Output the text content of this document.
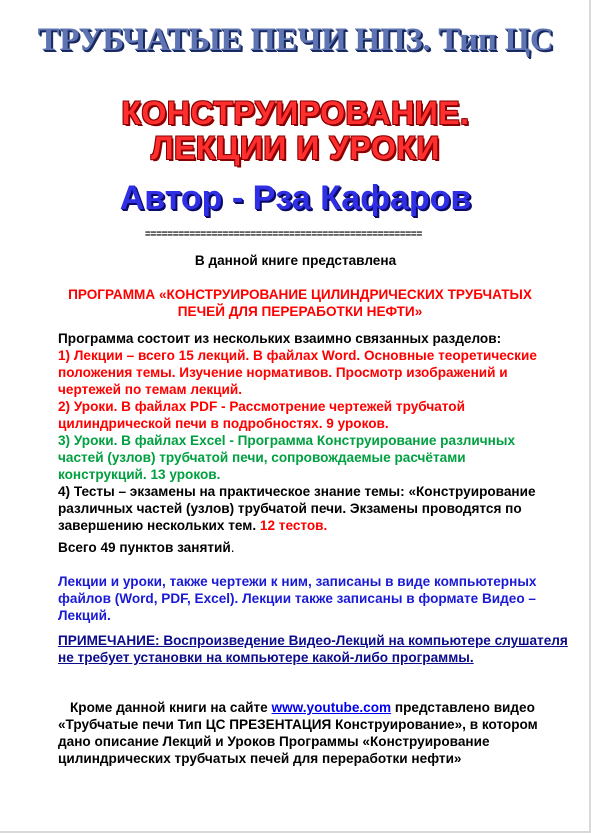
ТРУБЧАТЫЕ ПЕЧИ НПЗ. Тип ЦС
КОНСТРУИРОВАНИЕ.
ЛЕКЦИИ И УРОКИ
Автор - Рза Кафаров
==================================================
В данной книге представлена
ПРОГРАММА «КОНСТРУИРОВАНИЕ ЦИЛИНДРИЧЕСКИХ ТРУБЧАТЫХ
ПЕЧЕЙ ДЛЯ ПЕРЕРАБОТКИ НЕФТИ»
Программа состоит из нескольких взаимно связанных разделов:
1) Лекции – всего 15 лекций. В файлах Word. Основные теоретические положения темы. Изучение нормативов. Просмотр изображений и чертежей по темам лекций.
2) Уроки. В файлах PDF - Рассмотрение чертежей трубчатой цилиндрической печи в подробностях. 9 уроков.
3) Уроки. В файлах Excel - Программа Конструирование различных частей (узлов) трубчатой печи, сопровождаемые расчётами конструкций. 13 уроков.
4) Тесты – экзамены на практическое знание темы: «Конструирование различных частей (узлов) трубчатой печи. Экзамены проводятся по завершению нескольких тем. 12 тестов.
Всего 49 пунктов занятий.
Лекции и уроки, также чертежи к ним, записаны в виде компьютерных файлов (Word, PDF, Excel). Лекции также записаны в формате Видео – Лекций.
ПРИМЕЧАНИЕ: Воспроизведение Видео-Лекций на компьютере слушателя не требует установки на компьютере какой-либо программы.
Кроме данной книги на сайте www.youtube.com представлено видео «Трубчатые печи Тип ЦС ПРЕЗЕНТАЦИЯ Конструирование», в котором дано описание Лекций и Уроков Программы «Конструирование цилиндрических трубчатых печей для переработки нефти»
